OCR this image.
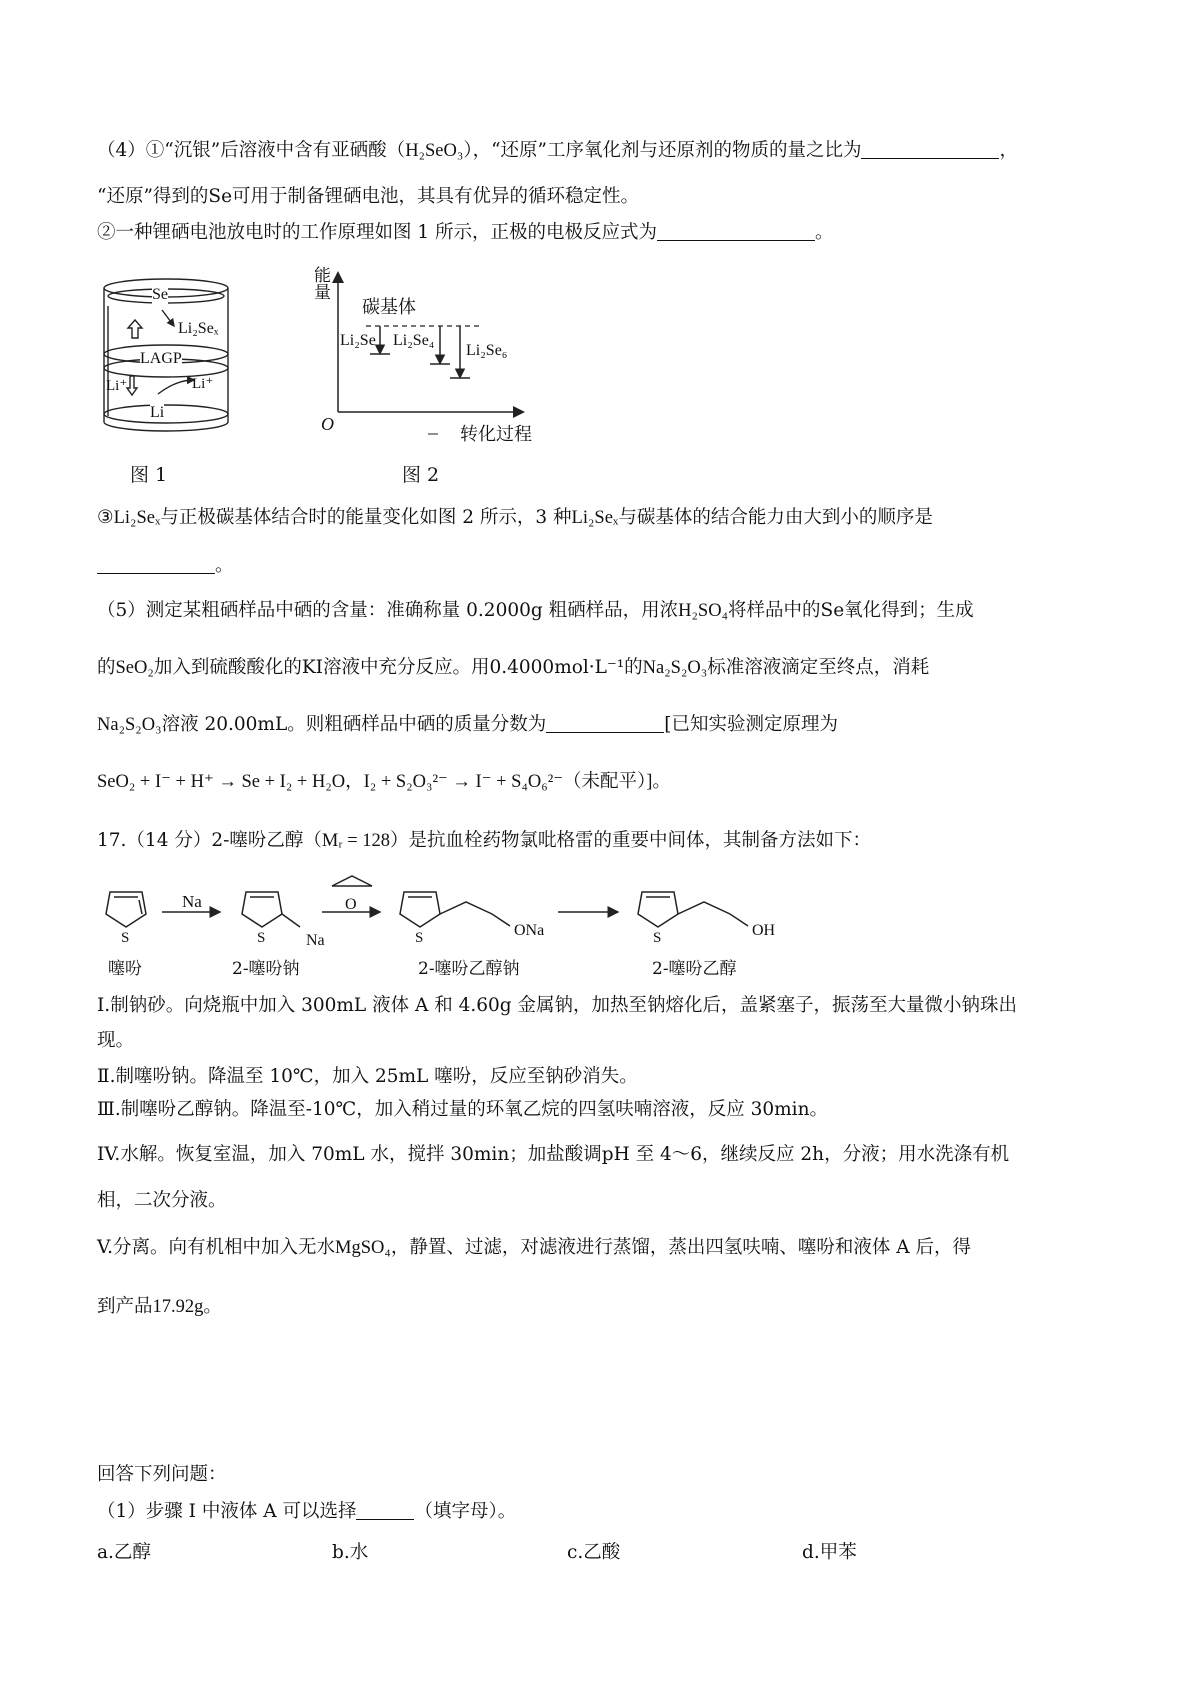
（4）①“沉银”后溶液中含有亚硒酸（H₂SeO₃），“还原”工序氧化剂与还原剂的物质的量之比为	，
“还原”得到的Se可用于制备锂硒电池，其具有优异的循环稳定性。
②一种锂硒电池放电时的工作原理如图 1 所示，正极的电极反应式为	。
Se
Li₂Seₓ
LAGP
Li⁺	Li⁺
Li
图 1
能量
碳基体
Li₂Se Li₂Se₄
Li₂Se₆
O	转化过程
图 2
③Li₂Seₓ与正极碳基体结合时的能量变化如图 2 所示，3 种Li₂Seₓ与碳基体的结合能力由大到小的顺序是
。
（5）测定某粗硒样品中硒的含量：准确称量 0.2000g 粗硒样品，用浓H₂SO₄将样品中的Se氧化得到；生成
的SeO₂加入到硫酸酸化的KI溶液中充分反应。用0.4000mol·L⁻¹的Na₂S₂O₃标准溶液滴定至终点，消耗
Na₂S₂O₃溶液 20.00mL。则粗硒样品中硒的质量分数为	[已知实验测定原理为
SeO₂ + I⁻ + H⁺ → Se + I₂ + H₂O，I₂ + S₂O₃²⁻ → I⁻ + S₄O₆²⁻（未配平）]。
17.（14 分）2-噻吩乙醇（Mᵣ = 128）是抗血栓药物氯吡格雷的重要中间体，其制备方法如下：
S	S	S	S
Na	O
Na
ONa	OH
噻吩	2-噻吩钠	2-噻吩乙醇钠	2-噻吩乙醇
I.制钠砂。向烧瓶中加入 300mL 液体 A 和 4.60g 金属钠，加热至钠熔化后，盖紧塞子，振荡至大量微小钠珠出
现。
Ⅱ.制噻吩钠。降温至 10℃，加入 25mL 噻吩，反应至钠砂消失。
Ⅲ.制噻吩乙醇钠。降温至-10℃，加入稍过量的环氧乙烷的四氢呋喃溶液，反应 30min。
IV.水解。恢复室温，加入 70mL 水，搅拌 30min；加盐酸调pH 至 4～6，继续反应 2h，分液；用水洗涤有机
相，二次分液。
V.分离。向有机相中加入无水MgSO₄，静置、过滤，对滤液进行蒸馏，蒸出四氢呋喃、噻吩和液体 A 后，得
到产品17.92g。
回答下列问题：
（1）步骤 I 中液体 A 可以选择	（填字母）。
a.乙醇	b.水	c.乙酸	d.甲苯
